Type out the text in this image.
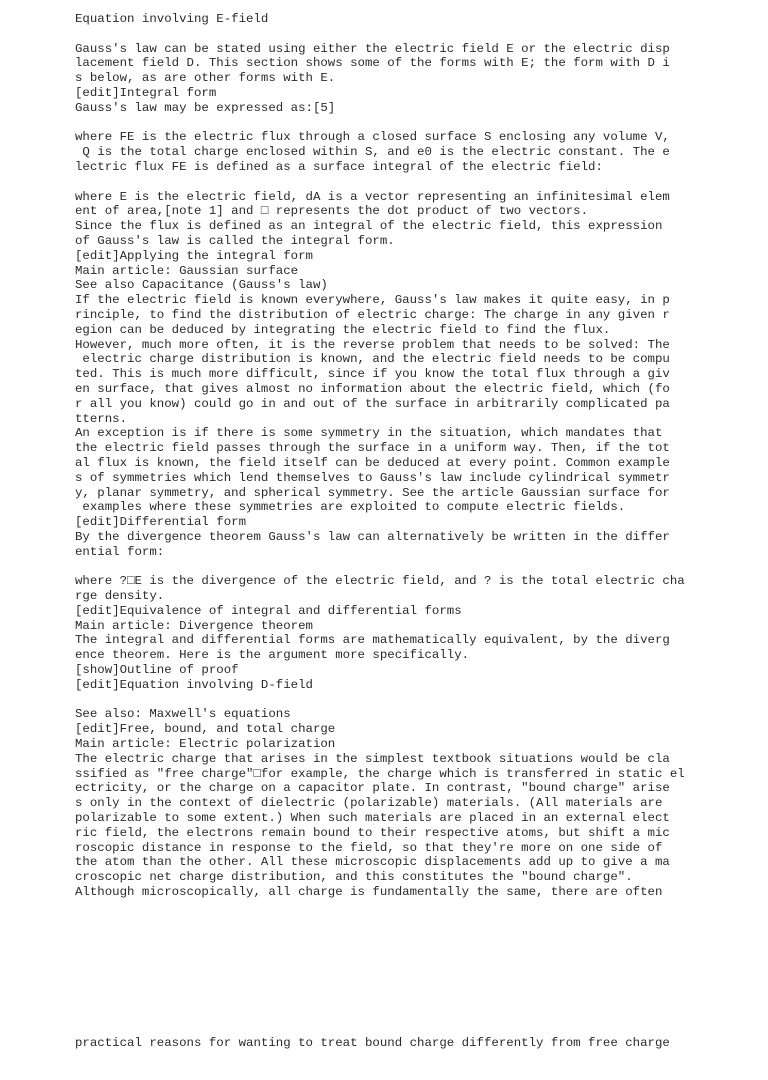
Equation involving E-field
Gauss's law can be stated using either the electric field E or the electric disp
lacement field D. This section shows some of the forms with E; the form with D i
s below, as are other forms with E.
[edit]Integral form
Gauss's law may be expressed as:[5]
where FE is the electric flux through a closed surface S enclosing any volume V,
Q is the total charge enclosed within S, and e0 is the electric constant. The e
lectric flux FE is defined as a surface integral of the electric field:
where E is the electric field, dA is a vector representing an infinitesimal elem
ent of area,[note 1] and □ represents the dot product of two vectors.
Since the flux is defined as an integral of the electric field, this expression
of Gauss's law is called the integral form.
[edit]Applying the integral form
Main article: Gaussian surface
See also Capacitance (Gauss's law)
If the electric field is known everywhere, Gauss's law makes it quite easy, in p
rinciple, to find the distribution of electric charge: The charge in any given r
egion can be deduced by integrating the electric field to find the flux.
However, much more often, it is the reverse problem that needs to be solved: The
electric charge distribution is known, and the electric field needs to be compu
ted. This is much more difficult, since if you know the total flux through a giv
en surface, that gives almost no information about the electric field, which (fo
r all you know) could go in and out of the surface in arbitrarily complicated pa
tterns.
An exception is if there is some symmetry in the situation, which mandates that
the electric field passes through the surface in a uniform way. Then, if the tot
al flux is known, the field itself can be deduced at every point. Common example
s of symmetries which lend themselves to Gauss's law include cylindrical symmetr
y, planar symmetry, and spherical symmetry. See the article Gaussian surface for
examples where these symmetries are exploited to compute electric fields.
[edit]Differential form
By the divergence theorem Gauss's law can alternatively be written in the differ
ential form:
where ?□E is the divergence of the electric field, and ? is the total electric cha
rge density.
[edit]Equivalence of integral and differential forms
Main article: Divergence theorem
The integral and differential forms are mathematically equivalent, by the diverg
ence theorem. Here is the argument more specifically.
[show]Outline of proof
[edit]Equation involving D-field
See also: Maxwell's equations
[edit]Free, bound, and total charge
Main article: Electric polarization
The electric charge that arises in the simplest textbook situations would be cla
ssified as "free charge"□for example, the charge which is transferred in static el
ectricity, or the charge on a capacitor plate. In contrast, "bound charge" arise
s only in the context of dielectric (polarizable) materials. (All materials are
polarizable to some extent.) When such materials are placed in an external elect
ric field, the electrons remain bound to their respective atoms, but shift a mic
roscopic distance in response to the field, so that they're more on one side of
the atom than the other. All these microscopic displacements add up to give a ma
croscopic net charge distribution, and this constitutes the "bound charge".
Although microscopically, all charge is fundamentally the same, there are often

practical reasons for wanting to treat bound charge differently from free charge
